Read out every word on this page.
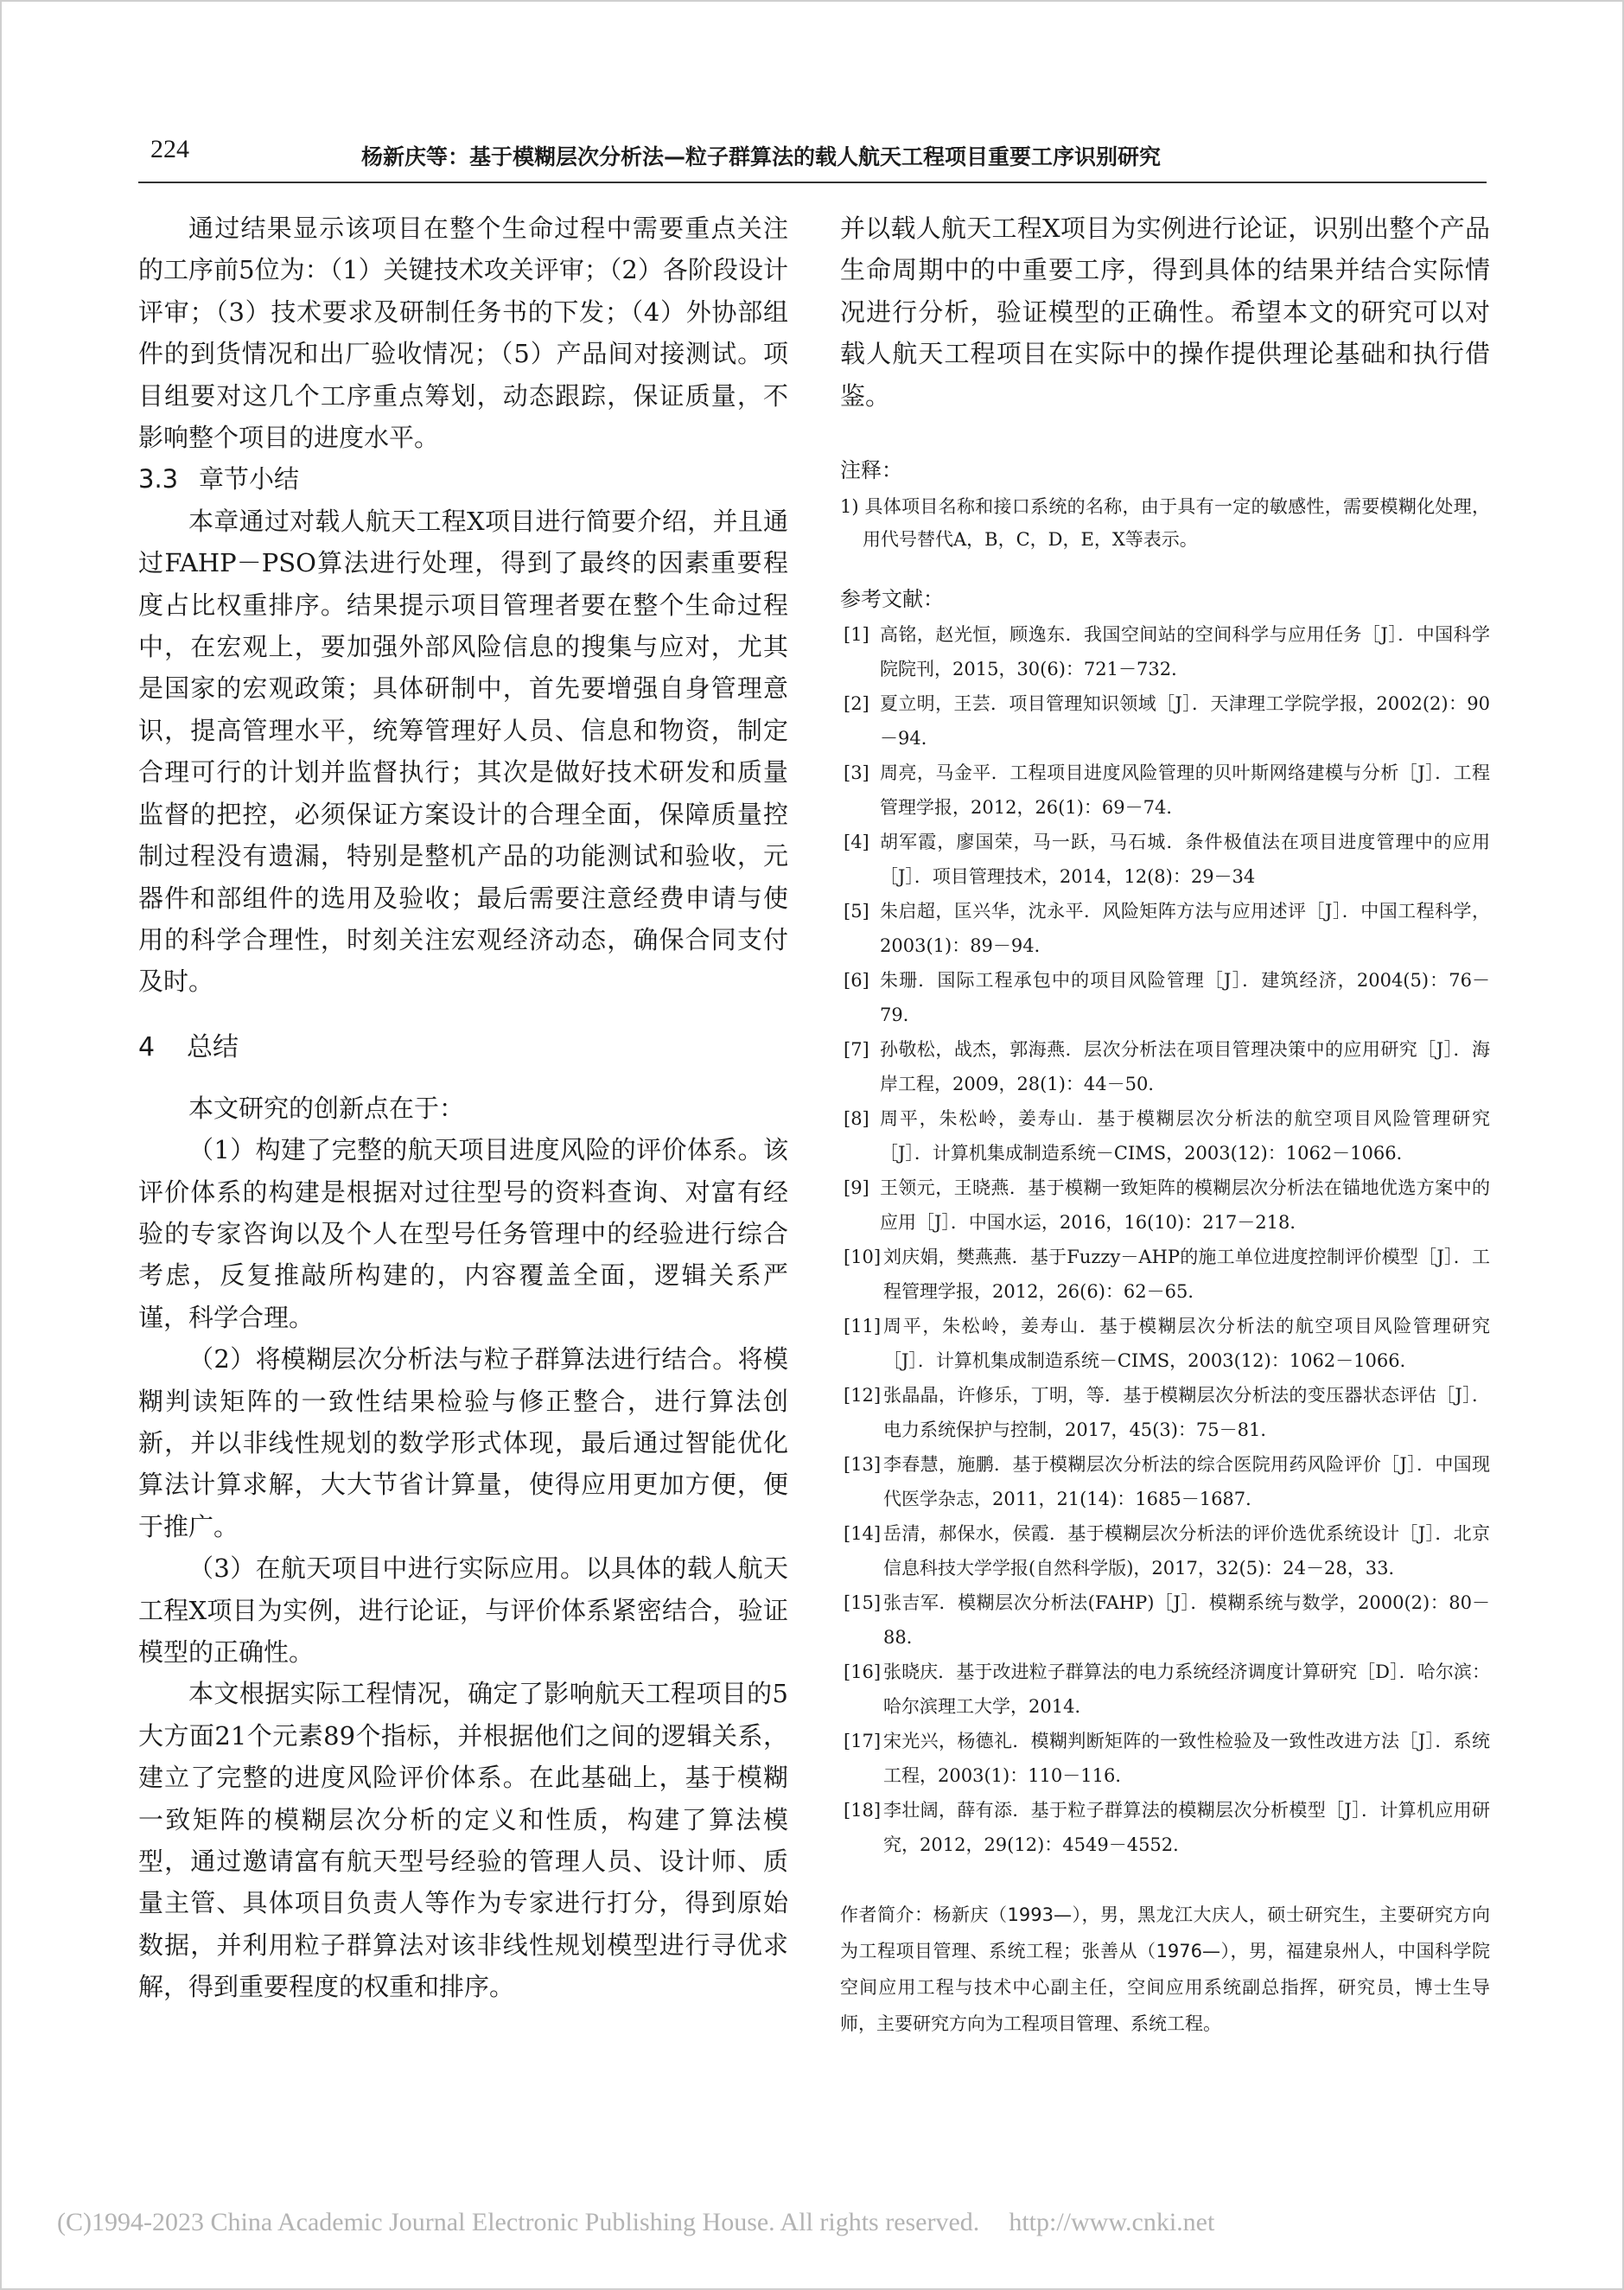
224	杨新庆等：基于模糊层次分析法—粒子群算法的载人航天工程项目重要工序识别研究

通过结果显示该项目在整个生命过程中需要重点关注的工序前5位为：（1）关键技术攻关评审；（2）各阶段设计评审；（3）技术要求及研制任务书的下发；（4）外协部组件的到货情况和出厂验收情况；（5）产品间对接测试。项目组要对这几个工序重点筹划，动态跟踪，保证质量，不影响整个项目的进度水平。

3.3 章节小结

本章通过对载人航天工程X项目进行简要介绍，并且通过FAHP－PSO算法进行处理，得到了最终的因素重要程度占比权重排序。结果提示项目管理者要在整个生命过程中，在宏观上，要加强外部风险信息的搜集与应对，尤其是国家的宏观政策；具体研制中，首先要增强自身管理意识，提高管理水平，统筹管理好人员、信息和物资，制定合理可行的计划并监督执行；其次是做好技术研发和质量监督的把控，必须保证方案设计的合理全面，保障质量控制过程没有遗漏，特别是整机产品的功能测试和验收，元器件和部组件的选用及验收；最后需要注意经费申请与使用的科学合理性，时刻关注宏观经济动态，确保合同支付及时。

4 总结

本文研究的创新点在于：

（1）构建了完整的航天项目进度风险的评价体系。该评价体系的构建是根据对过往型号的资料查询、对富有经验的专家咨询以及个人在型号任务管理中的经验进行综合考虑，反复推敲所构建的，内容覆盖全面，逻辑关系严谨，科学合理。

（2）将模糊层次分析法与粒子群算法进行结合。将模糊判读矩阵的一致性结果检验与修正整合，进行算法创新，并以非线性规划的数学形式体现，最后通过智能优化算法计算求解，大大节省计算量，使得应用更加方便，便于推广。

（3）在航天项目中进行实际应用。以具体的载人航天工程X项目为实例，进行论证，与评价体系紧密结合，验证模型的正确性。

本文根据实际工程情况，确定了影响航天工程项目的5大方面21个元素89个指标，并根据他们之间的逻辑关系，建立了完整的进度风险评价体系。在此基础上，基于模糊一致矩阵的模糊层次分析的定义和性质，构建了算法模型，通过邀请富有航天型号经验的管理人员、设计师、质量主管、具体项目负责人等作为专家进行打分，得到原始数据，并利用粒子群算法对该非线性规划模型进行寻优求解，得到重要程度的权重和排序。

并以载人航天工程X项目为实例进行论证，识别出整个产品生命周期中的中重要工序，得到具体的结果并结合实际情况进行分析，验证模型的正确性。希望本文的研究可以对载人航天工程项目在实际中的操作提供理论基础和执行借鉴。

注释：

1) 具体项目名称和接口系统的名称，由于具有一定的敏感性，需要模糊化处理，用代号替代A，B，C，D，E，X等表示。

参考文献：
[1] 高铭，赵光恒，顾逸东．我国空间站的空间科学与应用任务［J］．中国科学院院刊，2015，30(6)：721－732．
[2] 夏立明，王芸．项目管理知识领域［J］．天津理工学院学报，2002(2)：90－94．
[3] 周亮，马金平．工程项目进度风险管理的贝叶斯网络建模与分析［J］．工程管理学报，2012，26(1)：69－74．
[4] 胡军霞，廖国荣，马一跃，马石城．条件极值法在项目进度管理中的应用［J］．项目管理技术，2014，12(8)：29－34
[5] 朱启超，匡兴华，沈永平．风险矩阵方法与应用述评［J］．中国工程科学，2003(1)：89－94．
[6] 朱珊．国际工程承包中的项目风险管理［J］．建筑经济，2004(5)：76－79．
[7] 孙敬松，战杰，郭海燕．层次分析法在项目管理决策中的应用研究［J］．海岸工程，2009，28(1)：44－50．
[8] 周平，朱松岭，姜寿山．基于模糊层次分析法的航空项目风险管理研究［J］．计算机集成制造系统－CIMS，2003(12)：1062－1066．
[9] 王领元，王晓燕．基于模糊一致矩阵的模糊层次分析法在锚地优选方案中的应用［J］．中国水运，2016，16(10)：217－218．
[10] 刘庆娟，樊燕燕．基于Fuzzy－AHP的施工单位进度控制评价模型［J］．工程管理学报，2012，26(6)：62－65．
[11] 周平，朱松岭，姜寿山．基于模糊层次分析法的航空项目风险管理研究［J］．计算机集成制造系统－CIMS，2003(12)：1062－1066．
[12] 张晶晶，许修乐，丁明，等．基于模糊层次分析法的变压器状态评估［J］．电力系统保护与控制，2017，45(3)：75－81．
[13] 李春慧，施鹏．基于模糊层次分析法的综合医院用药风险评价［J］．中国现代医学杂志，2011，21(14)：1685－1687．
[14] 岳清，郝保水，侯霞．基于模糊层次分析法的评价选优系统设计［J］．北京信息科技大学学报(自然科学版)，2017，32(5)：24－28，33．
[15] 张吉军．模糊层次分析法(FAHP)［J］．模糊系统与数学，2000(2)：80－88．
[16] 张晓庆．基于改进粒子群算法的电力系统经济调度计算研究［D］．哈尔滨：哈尔滨理工大学，2014．
[17] 宋光兴，杨德礼．模糊判断矩阵的一致性检验及一致性改进方法［J］．系统工程，2003(1)：110－116．
[18] 李壮阔，薛有添．基于粒子群算法的模糊层次分析模型［J］．计算机应用研究，2012，29(12)：4549－4552．

作者简介：杨新庆（1993—），男，黑龙江大庆人，硕士研究生，主要研究方向为工程项目管理、系统工程；张善从（1976—），男，福建泉州人，中国科学院空间应用工程与技术中心副主任，空间应用系统副总指挥，研究员，博士生导师，主要研究方向为工程项目管理、系统工程。

(C)1994-2023 China Academic Journal Electronic Publishing House. All rights reserved. http://www.cnki.net
